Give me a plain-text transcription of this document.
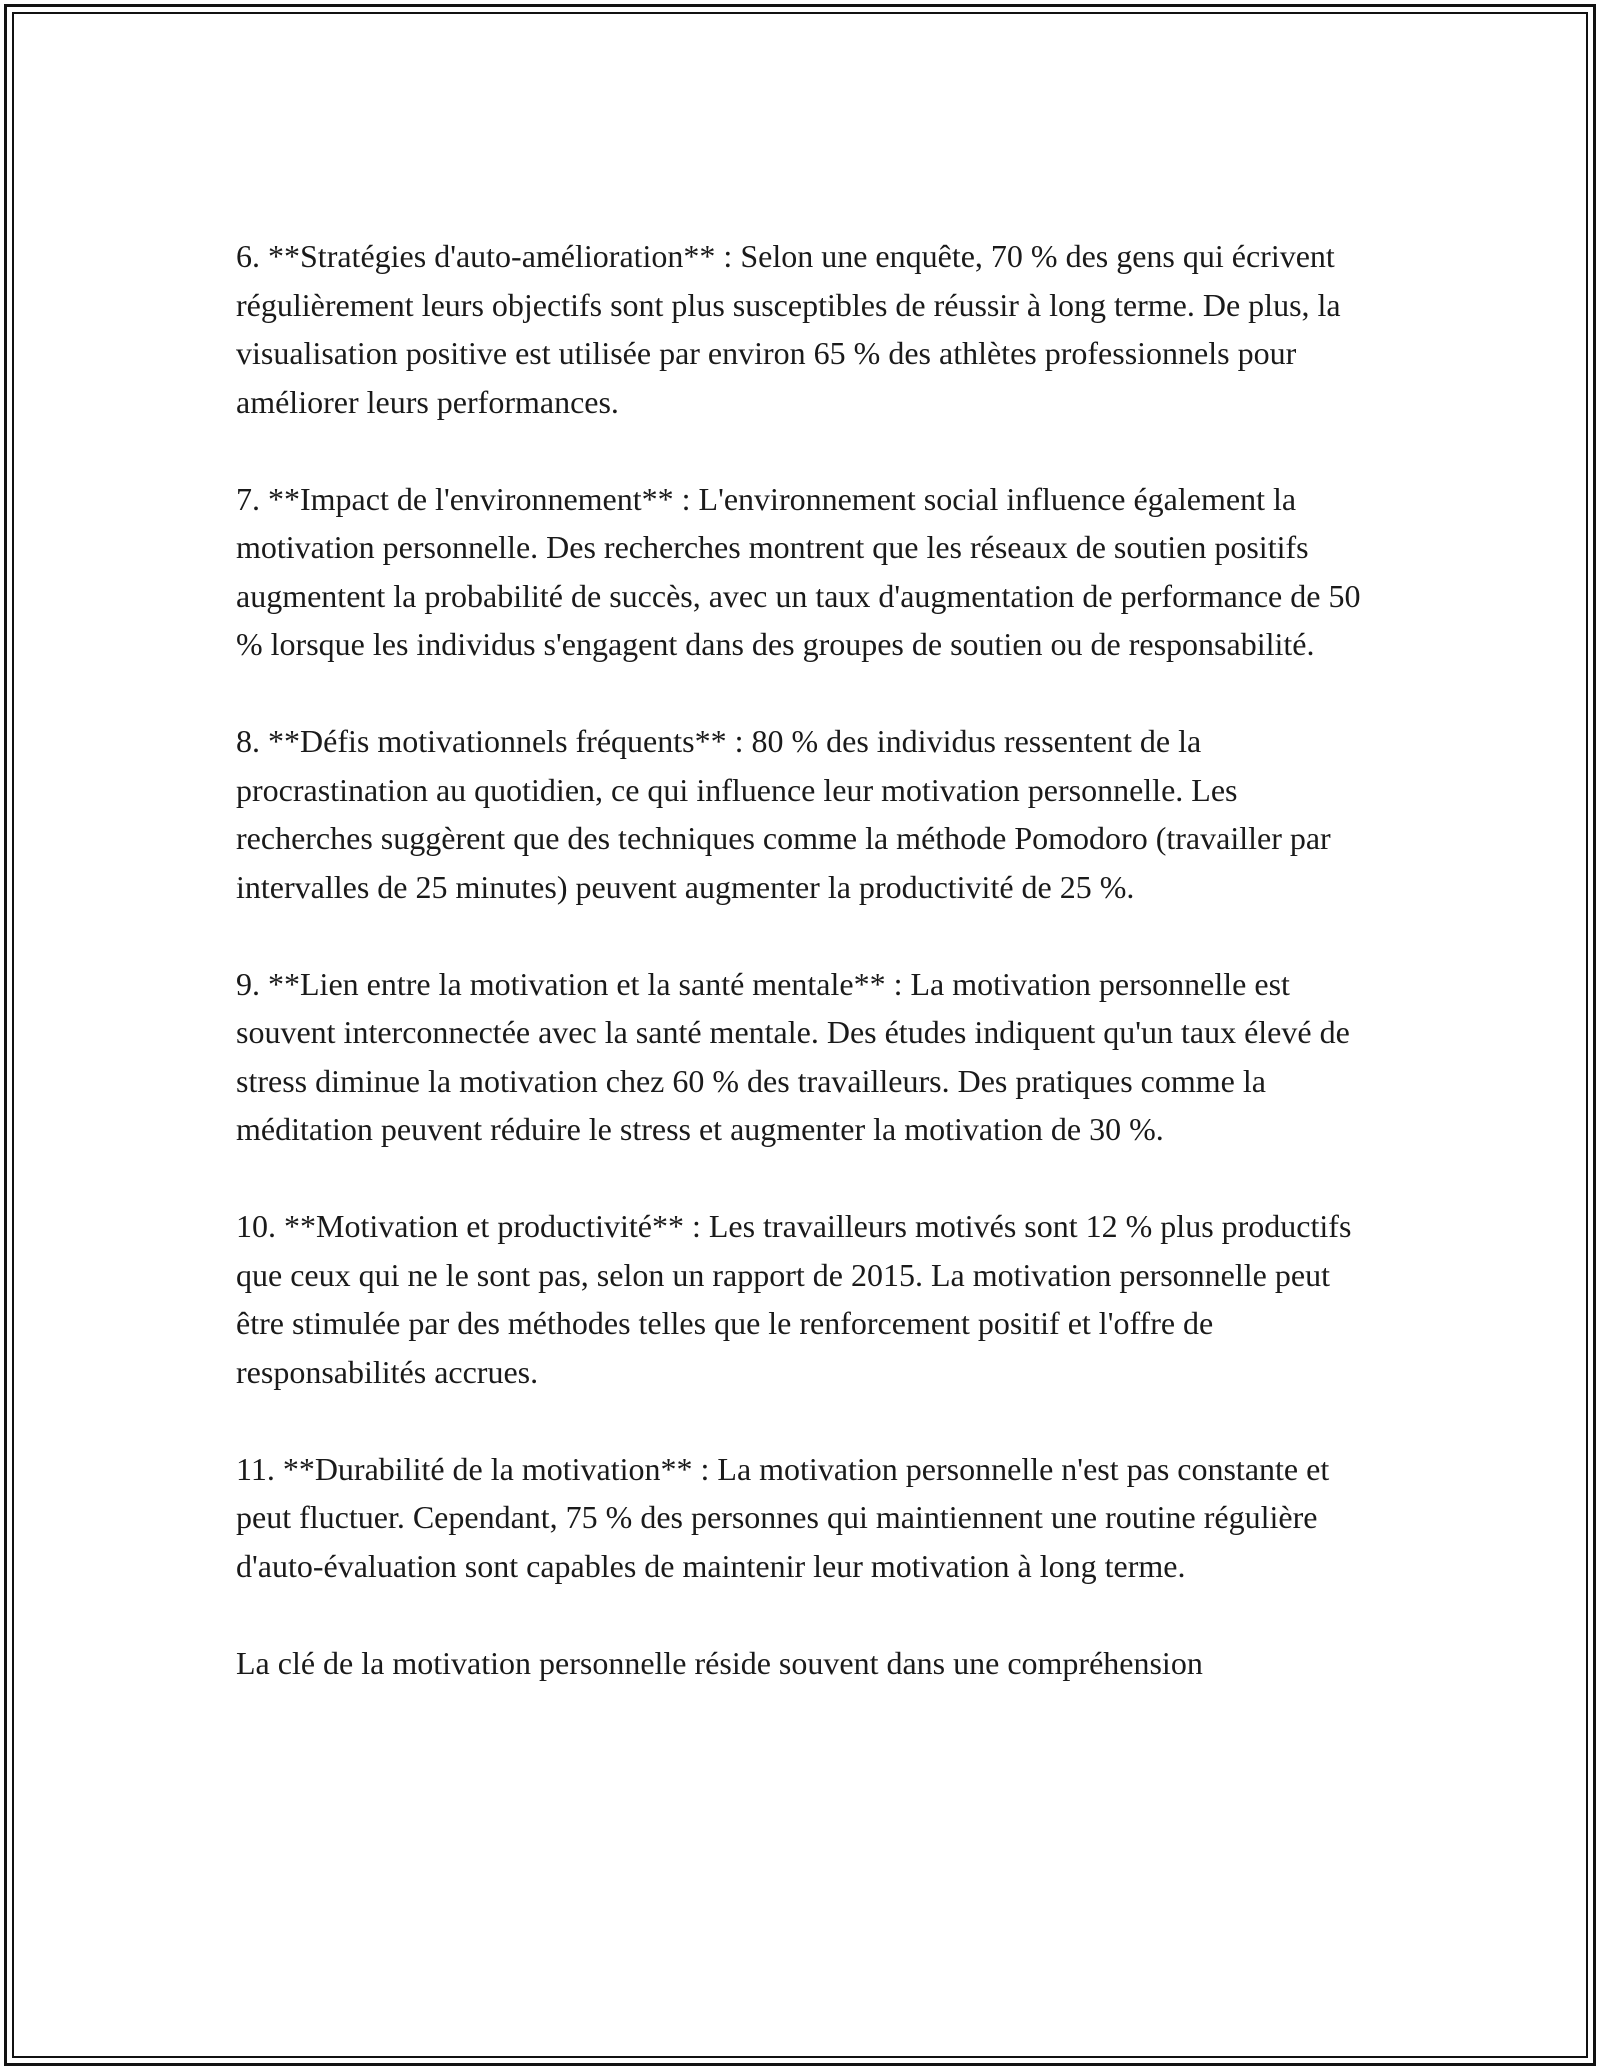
6. **Stratégies d'auto-amélioration** : Selon une enquête, 70 % des gens qui écrivent régulièrement leurs objectifs sont plus susceptibles de réussir à long terme. De plus, la visualisation positive est utilisée par environ 65 % des athlètes professionnels pour améliorer leurs performances.

7. **Impact de l'environnement** : L'environnement social influence également la motivation personnelle. Des recherches montrent que les réseaux de soutien positifs augmentent la probabilité de succès, avec un taux d'augmentation de performance de 50 % lorsque les individus s'engagent dans des groupes de soutien ou de responsabilité.

8. **Défis motivationnels fréquents** : 80 % des individus ressentent de la procrastination au quotidien, ce qui influence leur motivation personnelle. Les recherches suggèrent que des techniques comme la méthode Pomodoro (travailler par intervalles de 25 minutes) peuvent augmenter la productivité de 25 %.

9. **Lien entre la motivation et la santé mentale** : La motivation personnelle est souvent interconnectée avec la santé mentale. Des études indiquent qu'un taux élevé de stress diminue la motivation chez 60 % des travailleurs. Des pratiques comme la méditation peuvent réduire le stress et augmenter la motivation de 30 %.

10. **Motivation et productivité** : Les travailleurs motivés sont 12 % plus productifs que ceux qui ne le sont pas, selon un rapport de 2015. La motivation personnelle peut être stimulée par des méthodes telles que le renforcement positif et l'offre de responsabilités accrues.

11. **Durabilité de la motivation** : La motivation personnelle n'est pas constante et peut fluctuer. Cependant, 75 % des personnes qui maintiennent une routine régulière d'auto-évaluation sont capables de maintenir leur motivation à long terme.

La clé de la motivation personnelle réside souvent dans une compréhension
